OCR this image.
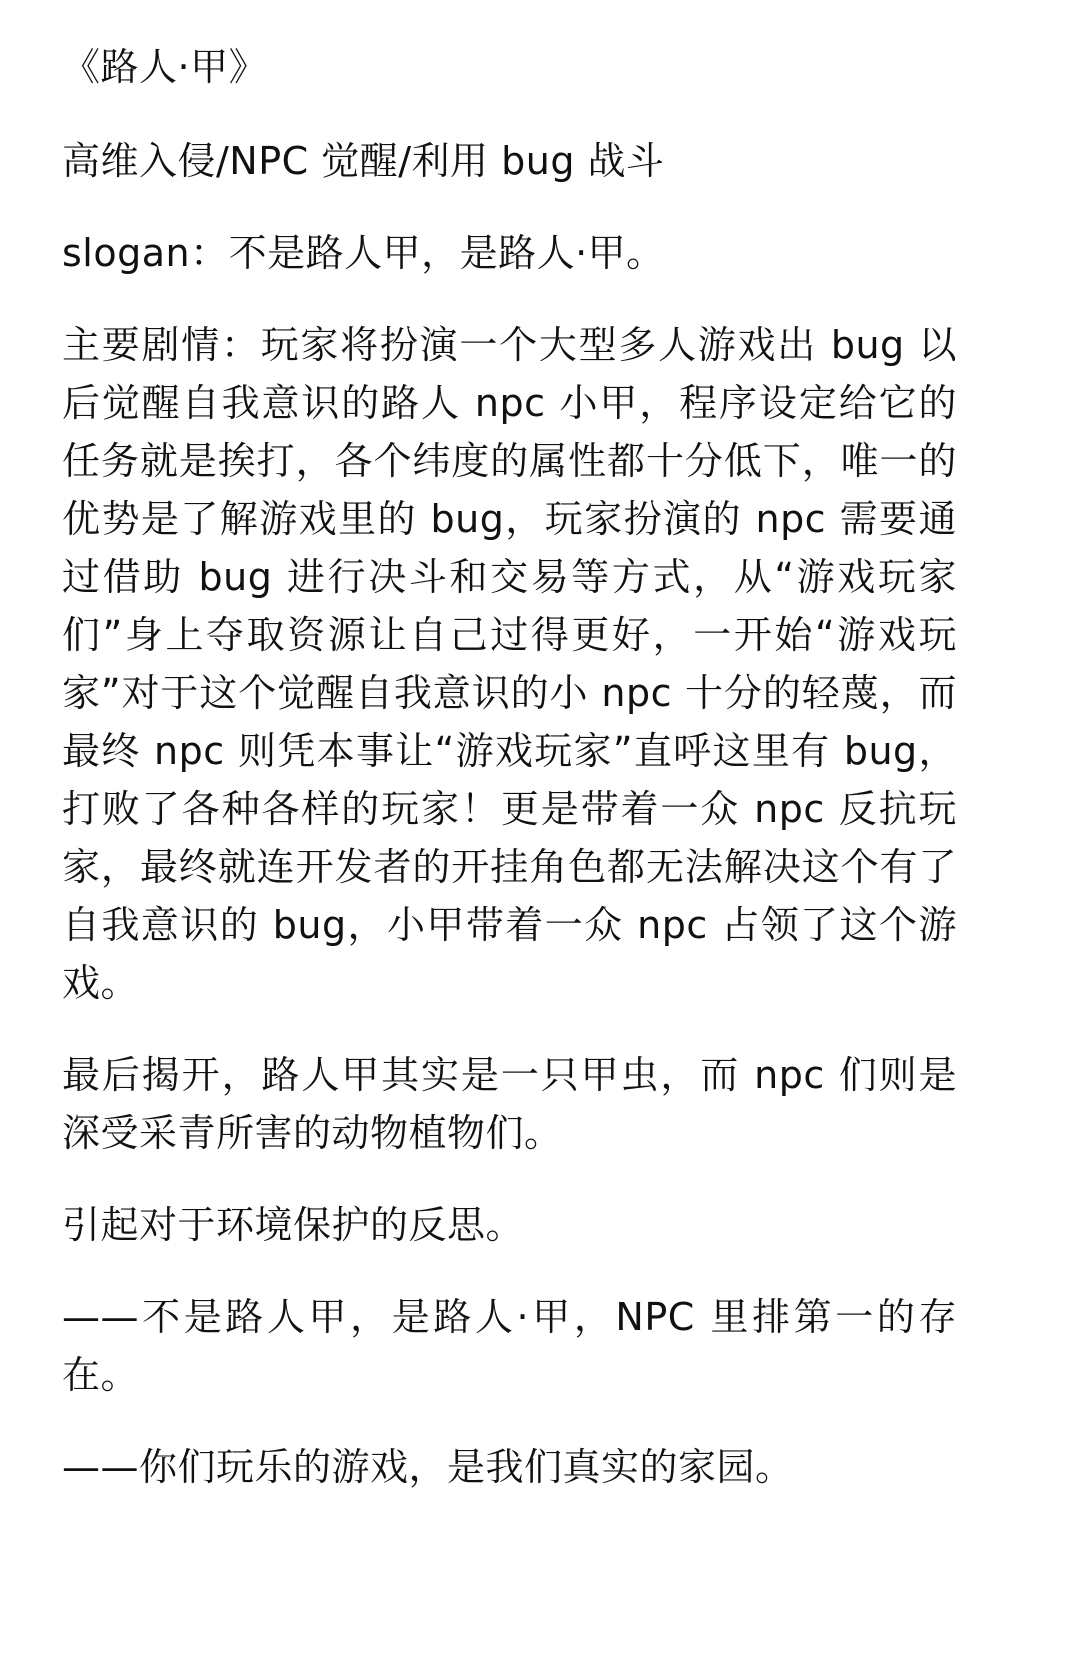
《路人·甲》

高维入侵/NPC 觉醒/利用 bug 战斗

slogan：不是路人甲，是路人·甲。

主要剧情：玩家将扮演一个大型多人游戏出 bug 以后觉醒自我意识的路人 npc 小甲，程序设定给它的任务就是挨打，各个纬度的属性都十分低下，唯一的优势是了解游戏里的 bug，玩家扮演的 npc 需要通过借助 bug 进行决斗和交易等方式，从“游戏玩家们”身上夺取资源让自己过得更好，一开始“游戏玩家”对于这个觉醒自我意识的小 npc 十分的轻蔑，而最终 npc 则凭本事让“游戏玩家”直呼这里有 bug，打败了各种各样的玩家！更是带着一众 npc 反抗玩家，最终就连开发者的开挂角色都无法解决这个有了自我意识的 bug，小甲带着一众 npc 占领了这个游戏。

最后揭开，路人甲其实是一只甲虫，而 npc 们则是深受采青所害的动物植物们。

引起对于环境保护的反思。

——不是路人甲，是路人·甲，NPC 里排第一的存在。

——你们玩乐的游戏，是我们真实的家园。
